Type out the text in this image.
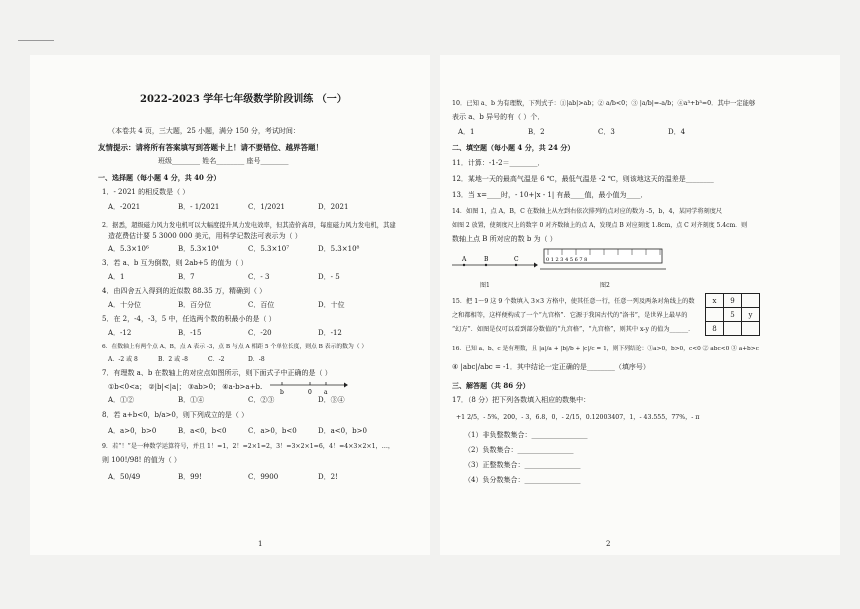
2022-2023 学年七年级数学阶段训练 （一）
（本卷共 4 页，三大题，25 小题，满分 150 分，考试时间：
友情提示：请将所有答案填写到答题卡上！请不要错位、越界答题！
班级________ 姓名________ 座号________
一、选择题（每小题 4 分，共 40 分）
1．- 2021 的相反数是（ ）
A．-2021	B．- 1/2021	C．1/2021	D．2021
2．据悉，超级磁力风力发电机可以大幅度提升风力发电效率，但其造价高昂，每座磁力风力发电机，其建
造花费估计要 5 3000 000 美元，用科学记数法可表示为（ ）
A．5.3×10⁶	B．5.3×10⁴	C．5.3×10⁷	D．5.3×10⁸
3．若 a、b 互为倒数，则 2ab+5 的值为（ ）
A．1	B．7	C．- 3	D．- 5
4．由四舍五入得到的近似数 88.35 万，精确到（ ）
A．十分位	B．百分位	C．百位	D．十位
5．在 2，-4，-3，5 中，任选两个数的积最小的是（ ）
A．-12	B．-15	C．-20	D．-12
6．在数轴上有两个点 A、B，点 A 表示 -3，点 B 与点 A 相距 5 个单位长度，则点 B 表示的数为（ ）
A．-2 或 8	B．2 或 -8	C．-2	D．-8
7．有理数 a、b 在数轴上的对应点如图所示，则下面式子中正确的是（ ）
①b<0<a； ②|b|<|a|； ③ab>0； ④a-b>a+b.
b	0 a
A．①②	B．①④	C．②③	D．③④
8．若 a+b<0，b/a>0，则下列成立的是（ ）
A．a>0，b>0	B．a<0，b<0	C．a>0，b<0	D．a<0，b>0
9．若“！”是一种数学运算符号，并且 1！=1，2！=2×1=2，3！=3×2×1=6，4！=4×3×2×1，…，
则 100!/98! 的值为（ ）
A．50/49	B．99!	C．9900	D．2!
1
10．已知 a、b 为有理数，下列式子：①|ab|>ab；② a/b<0；③ |a/b|=-a/b；④a³+b³=0．其中一定能够
表示 a、b 异号的有（ ）个．
A．1	B．2	C．3	D．4
二、填空题（每小题 4 分，共 24 分）
11．计算：-1-2＝________．
12．某地一天的最高气温是 6 ℃，最低气温是 -2 ℃，则该地这天的温差是________
13．当 x=____时，- 10+|x - 1| 有最____值，最小值为____．
14．如图 1，点 A，B，C 在数轴上从左到右依次排列的点对应的数为 -5，b，4，某同学将刻度尺
如图 2 放置，使刻度尺上的数字 0 对齐数轴上的点 A，发现点 B 对应刻度 1.8cm，点 C 对齐刻度 5.4cm．则
数轴上点 B 所对应的数 b 为（ ）
A	B	C
图1
0 1 2 3 4 5 6 7 8
图2
15．把 1～9 这 9 个数填入 3×3 方格中，使其任意一行，任意一列及两条对角线上的数
之和都相等，这样便构成了一个“九宫格”．它源于我国古代的“洛书”，是世界上最早的
“幻方”．如图是仅可以看到部分数值的“九宫格”，“九宫格”，则其中 x-y 的值为______．
x	9	
	5	y
8		
16．已知 a、b、c 是有理数，且 |a|/a + |b|/b + |c|/c = 1，则下列结论：①a>0，b>0，c<0 ② abc<0 ③ a+b>c
④ |abc|/abc = -1．其中结论一定正确的是________（填序号）
三、解答题（共 86 分）
17．（8 分）把下列各数填入相应的数集中：
+1 2/5，- 5%，200，- 3，6.8，0，- 2/15，0.12003407，1，- 43.555，77%，- π
（1）非负整数集合：________________
（2）负数集合：________________
（3）正整数集合：________________
（4）负分数集合：________________
2
